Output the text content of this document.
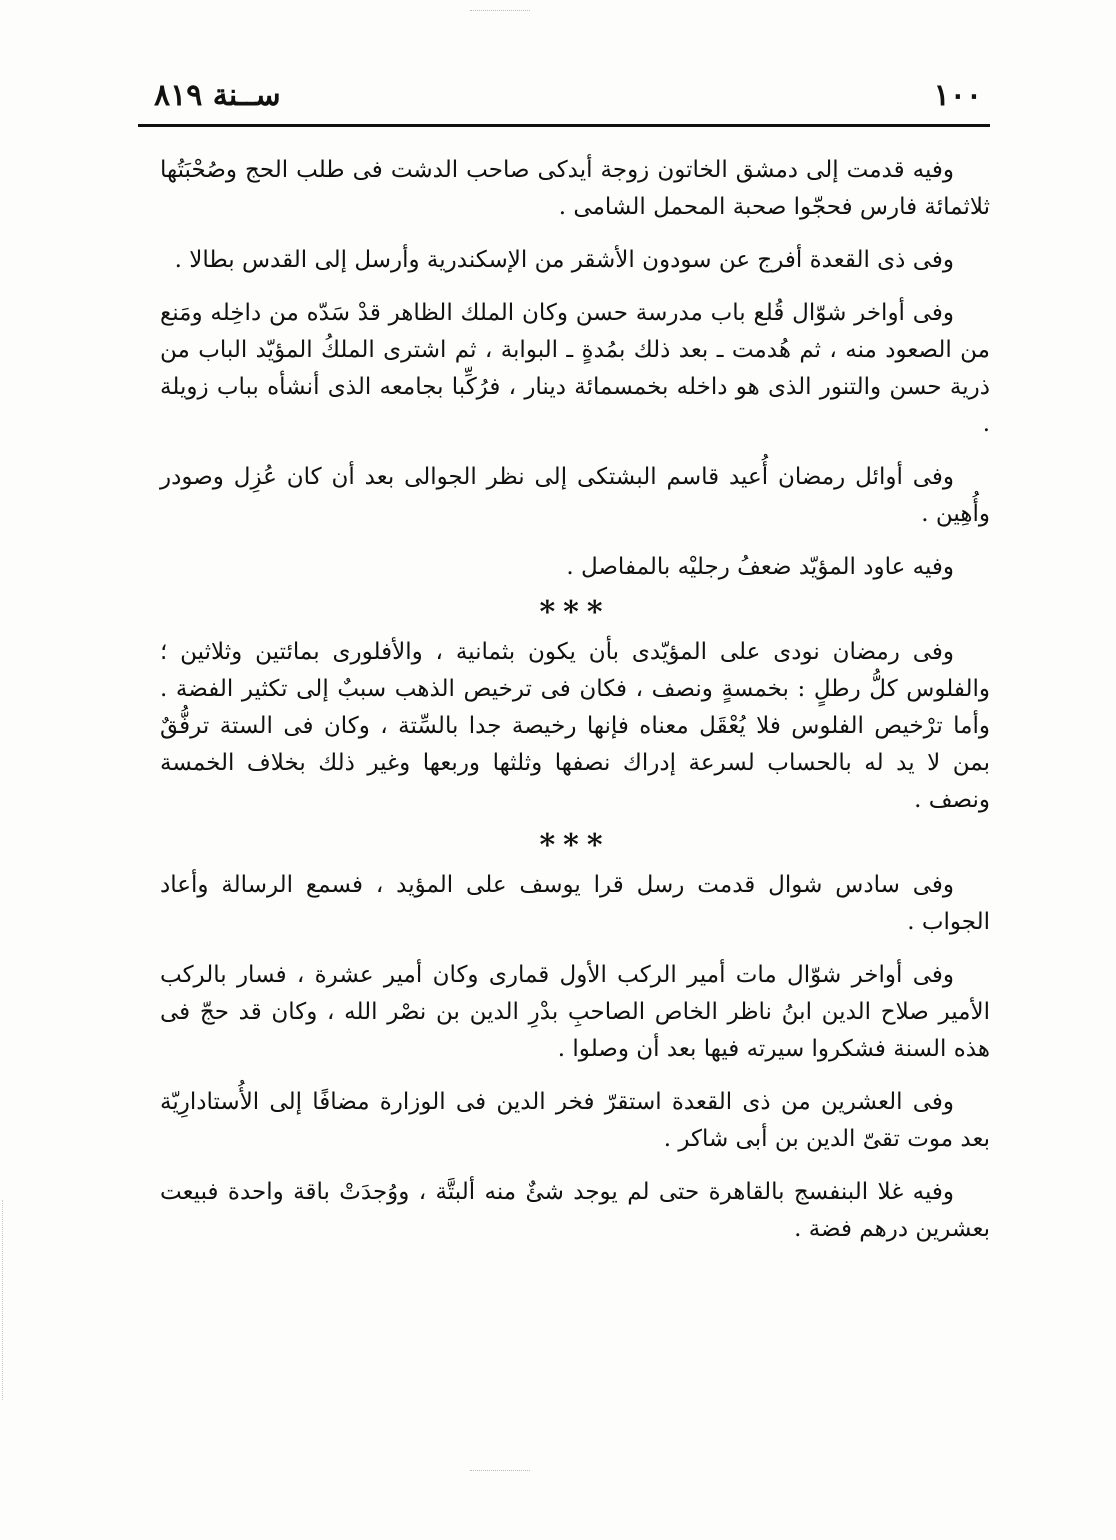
١٠٠
ســنة ٨١٩

وفيه قدمت إلى دمشق الخاتون زوجة أيدكى صاحب الدشت فى طلب الحج وصُحْبَتُها ثلاثمائة فارس فحجّوا صحبة المحمل الشامى .

وفى ذى القعدة أفرج عن سودون الأشقر من الإسكندرية وأرسل إلى القدس بطالا .

وفى أواخر شوّال قُلع باب مدرسة حسن وكان الملك الظاهر قدْ سَدّه من داخِله ومَنع من الصعود منه ، ثم هُدمت ـ بعد ذلك بمُدةٍ ـ البوابة ، ثم اشترى الملكُ المؤيّد الباب من ذرية حسن والتنور الذى هو داخله بخمسمائة دينار ، فرُكِّبا بجامعه الذى أنشأه بباب زويلة .

وفى أوائل رمضان أُعيد قاسم البشتكى إلى نظر الجوالى بعد أن كان عُزِل وصودر وأُهِين .

وفيه عاود المؤيّد ضعفُ رجليْه بالمفاصل .

***

وفى رمضان نودى على المؤيّدى بأن يكون بثمانية ، والأفلورى بمائتين وثلاثين ؛ والفلوس كلُّ رطلٍ : بخمسةٍ ونصف ، فكان فى ترخيص الذهب سببٌ إلى تكثير الفضة . وأما ترْخيص الفلوس فلا يُعْقَل معناه فإنها رخيصة جدا بالسِّتة ، وكان فى الستة ترفُّقٌ بمن لا يد له بالحساب لسرعة إدراك نصفها وثلثها وربعها وغير ذلك بخلاف الخمسة ونصف .

***

وفى سادس شوال قدمت رسل قرا يوسف على المؤيد ، فسمع الرسالة وأعاد الجواب .

وفى أواخر شوّال مات أمير الركب الأول قمارى وكان أمير عشرة ، فسار بالركب الأمير صلاح الدين ابنُ ناظر الخاص الصاحبِ بدْرِ الدين بن نصْر الله ، وكان قد حجّ فى هذه السنة فشكروا سيرته فيها بعد أن وصلوا .

وفى العشرين من ذى القعدة استقرّ فخر الدين فى الوزارة مضافًا إلى الأُستادارِيّة بعد موت تقىّ الدين بن أبى شاكر .

وفيه غلا البنفسج بالقاهرة حتى لم يوجد شئٌ منه ألبتَّة ، ووُجدَتْ باقة واحدة فبيعت بعشرين درهم فضة .
